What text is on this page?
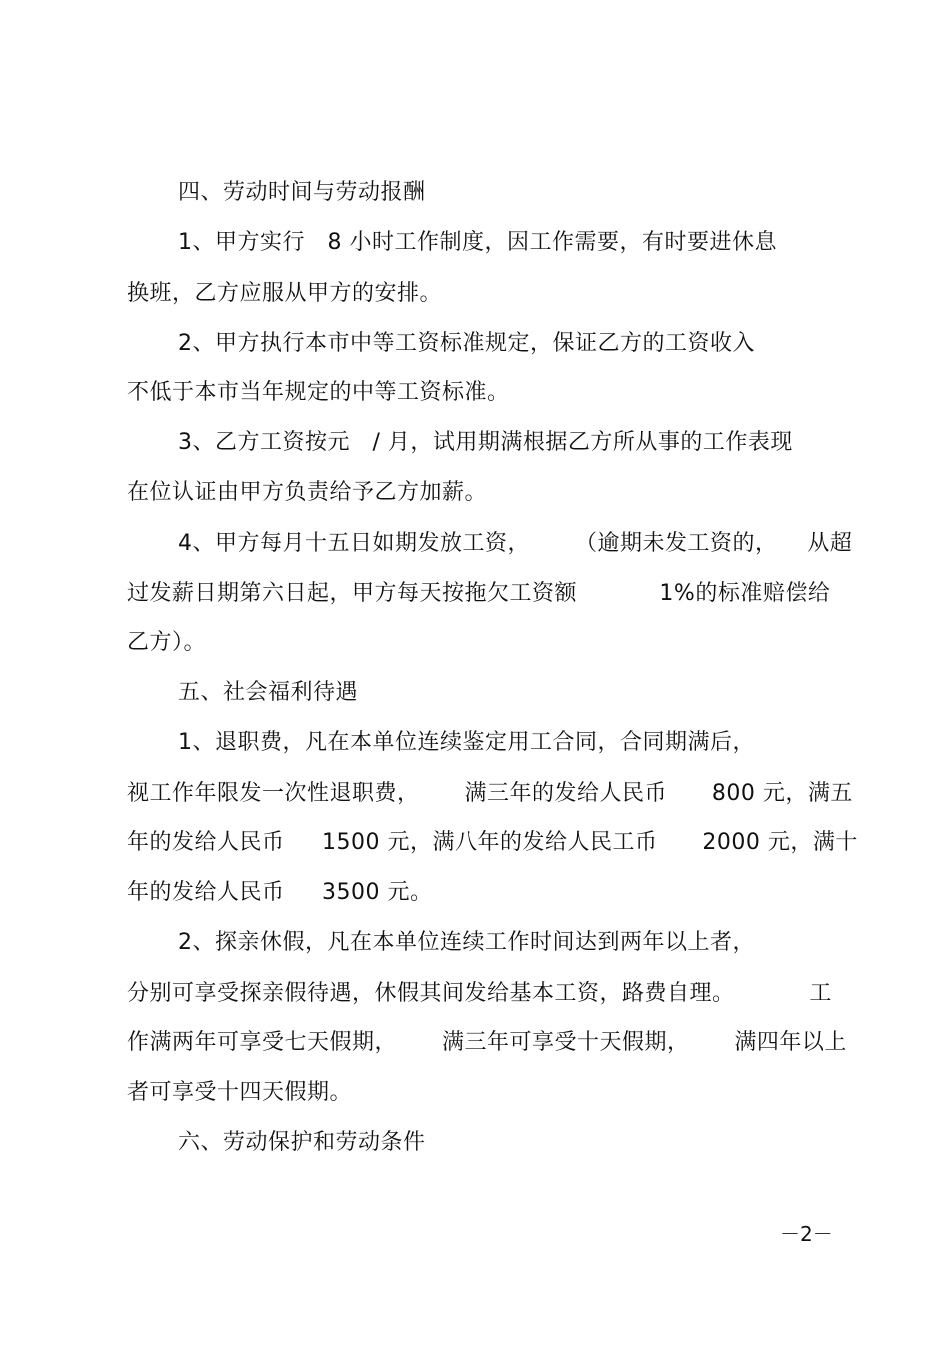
四、劳动时间与劳动报酬
1、甲方实行   8 小时工作制度，因工作需要，有时要进休息
换班，乙方应服从甲方的安排。
2、甲方执行本市中等工资标准规定，保证乙方的工资收入
不低于本市当年规定的中等工资标准。
3、乙方工资按元   / 月，试用期满根据乙方所从事的工作表现
在位认证由甲方负责给予乙方加薪。
4、甲方每月十五日如期发放工资，      （逾期未发工资的，    从超
过发薪日期第六日起，甲方每天按拖欠工资额           1%的标准赔偿给
乙方）。
五、社会福利待遇
1、退职费，凡在本单位连续鉴定用工合同，合同期满后，
视工作年限发一次性退职费，      满三年的发给人民币      800 元，满五
年的发给人民币     1500 元，满八年的发给人民工币      2000 元，满十
年的发给人民币     3500 元。
2、探亲休假，凡在本单位连续工作时间达到两年以上者，
分别可享受探亲假待遇，休假其间发给基本工资，路费自理。          工
作满两年可享受七天假期，      满三年可享受十天假期，      满四年以上
者可享受十四天假期。
六、劳动保护和劳动条件
－2－
